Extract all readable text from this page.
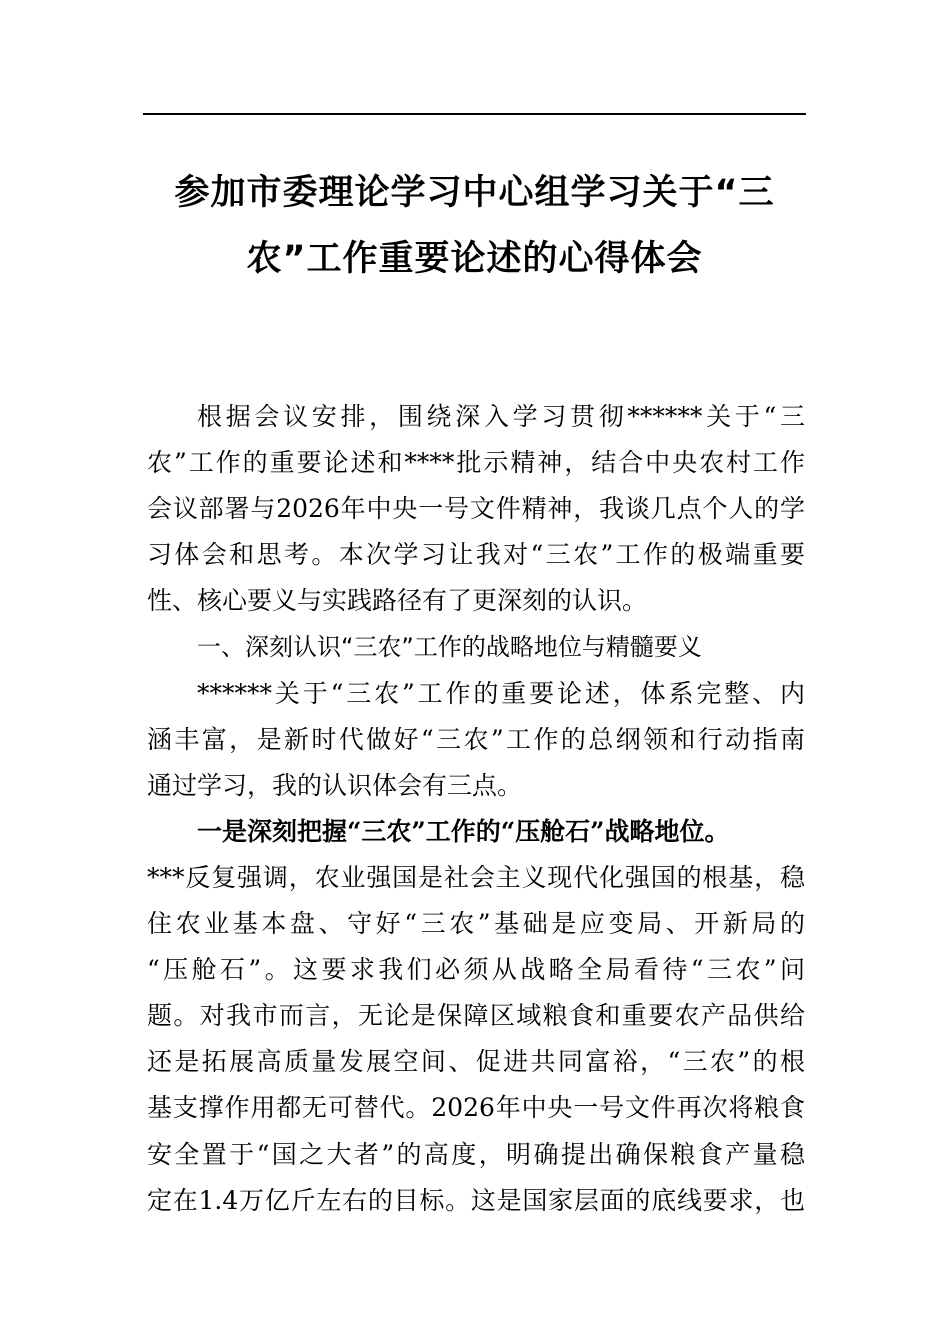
参加市委理论学习中心组学习关于“三
农”工作重要论述的心得体会
根据会议安排，围绕深入学习贯彻******关于“三
农”工作的重要论述和****批示精神，结合中央农村工作
会议部署与2026年中央一号文件精神，我谈几点个人的学
习体会和思考。本次学习让我对“三农”工作的极端重要
性、核心要义与实践路径有了更深刻的认识。
一、深刻认识“三农”工作的战略地位与精髓要义
******关于“三农”工作的重要论述，体系完整、内
涵丰富，是新时代做好“三农”工作的总纲领和行动指南
通过学习，我的认识体会有三点。
一是深刻把握“三农”工作的“压舱石”战略地位。
***反复强调，农业强国是社会主义现代化强国的根基，稳
住农业基本盘、守好“三农”基础是应变局、开新局的
“压舱石”。这要求我们必须从战略全局看待“三农”问
题。对我市而言，无论是保障区域粮食和重要农产品供给
还是拓展高质量发展空间、促进共同富裕，“三农”的根
基支撑作用都无可替代。2026年中央一号文件再次将粮食
安全置于“国之大者”的高度，明确提出确保粮食产量稳
定在1.4万亿斤左右的目标。这是国家层面的底线要求，也
